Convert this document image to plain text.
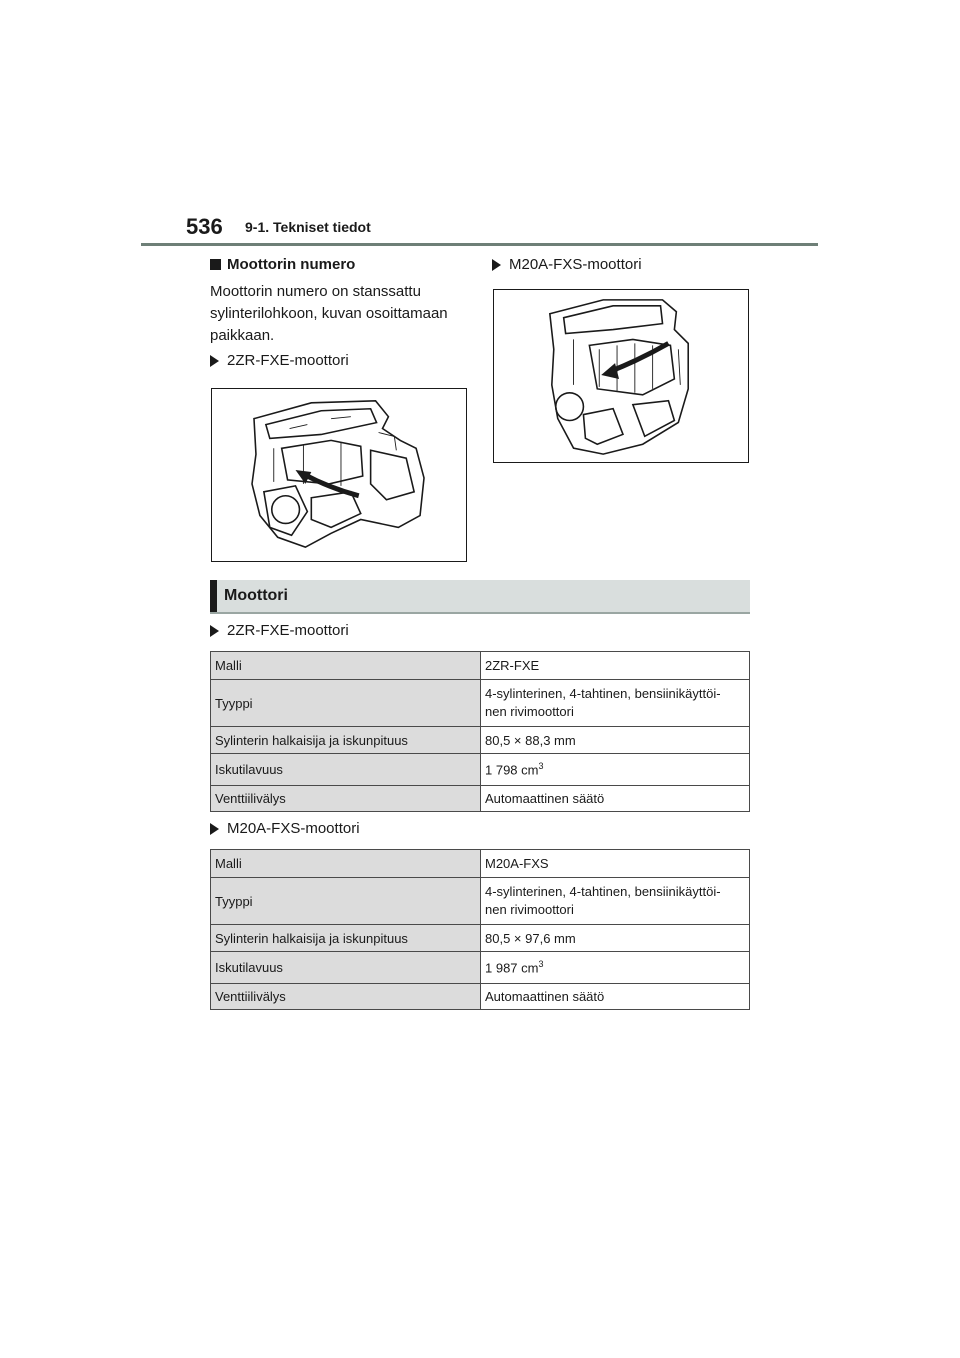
536 9-1. Tekniset tiedot
Moottorin numero
Moottorin numero on stanssattu sylinterilohkoon, kuvan osoittamaan paikkaan.
2ZR-FXE-moottori
M20A-FXS-moottori
Moottori
2ZR-FXE-moottori
Malli	2ZR-FXE
Tyyppi	4-sylinterinen, 4-tahtinen, bensiinikäyttöi-
nen rivimoottori

Sylinterin halkaisija ja iskunpituus	80,5 × 88,3 mm
Iskutilavuus	1 798 $cm^3$
Venttiilivälys	Automaattinen säätö
M20A-FXS-moottori
Malli	M20A-FXS
Tyyppi	4-sylinterinen, 4-tahtinen, bensiinikäyttöi-
nen rivimoottori

Sylinterin halkaisija ja iskunpituus	80,5 × 97,6 mm
Iskutilavuus	1 987 $cm^3$
Venttiilivälys	Automaattinen säätö
